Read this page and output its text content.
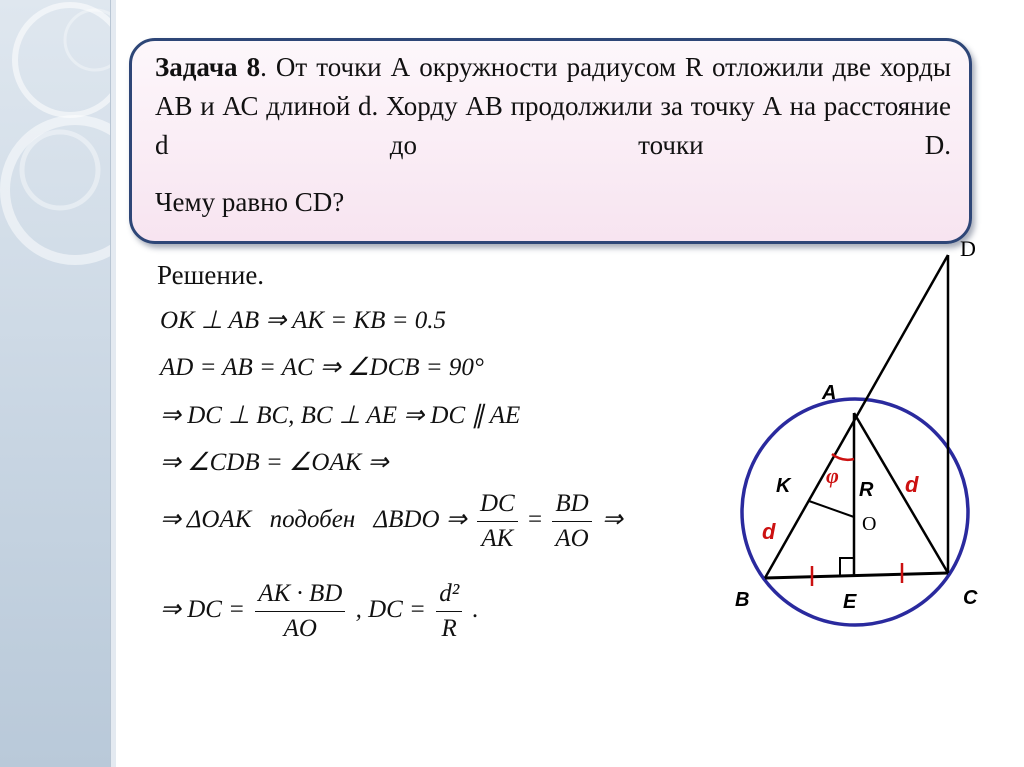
Задача 8. От точки А окружности радиусом R отложили две хорды AB и АС длиной d. Хорду AB продолжили за точку А на расстояние d до точки D.
Чему равно CD?
Решение.
OK ⊥ AB ⇒ AK = KB = 0.5
AD = AB = AC ⇒ ∠DCB = 90°
⇒ DC ⊥ BC, BC ⊥ AE ⇒ DC ∥ AE
⇒ ∠CDB = ∠OAK ⇒
⇒ ΔOAK подобен ΔBDO ⇒ $\frac{DC}{AK} = \frac{BD}{AO}$ ⇒
⇒ DC = $\frac{AK \cdot BD}{AO}$ , DC = $\frac{\text{d²}}{R}$ .
D
A
K φ
R
O
d
d
B	E	C
